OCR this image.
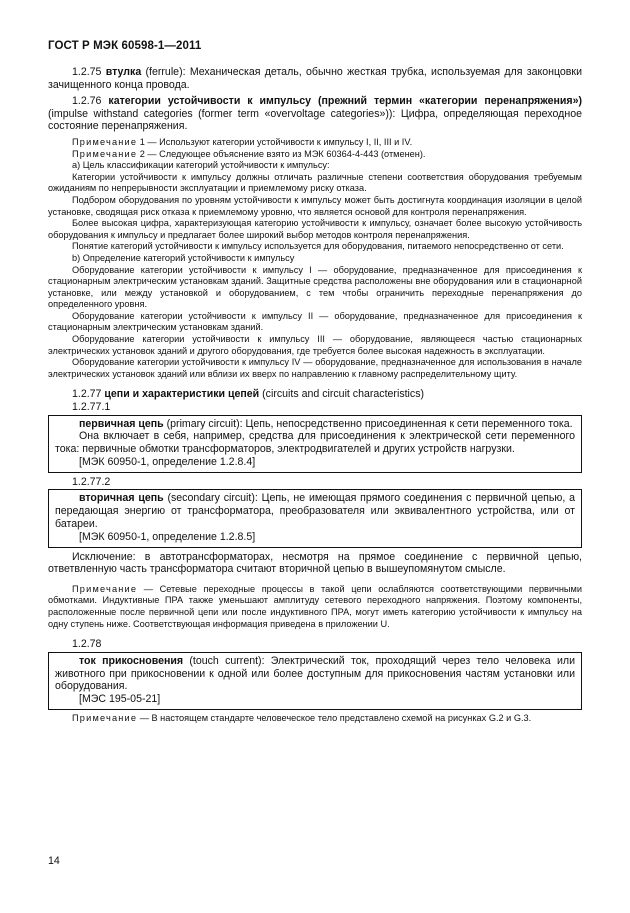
ГОСТ Р МЭК 60598-1—2011

1.2.75 втулка (ferrule): Механическая деталь, обычно жесткая трубка, используемая для законцовки зачищенного конца провода.

1.2.76 категории устойчивости к импульсу (прежний термин «категории перенапряжения») (impulse withstand categories (former term «overvoltage categories»)): Цифра, определяющая переходное состояние перенапряжения.

Примечание 1 — Используют категории устойчивости к импульсу I, II, III и IV.

Примечание 2 — Следующее объяснение взято из МЭК 60364-4-443 (отменен).

a) Цель классификации категорий устойчивости к импульсу:

Категории устойчивости к импульсу должны отличать различные степени соответствия оборудования требуемым ожиданиям по непрерывности эксплуатации и приемлемому риску отказа.

Подбором оборудования по уровням устойчивости к импульсу может быть достигнута координация изоляции в целой установке, сводящая риск отказа к приемлемому уровню, что является основой для контроля перенапряжения.

Более высокая цифра, характеризующая категорию устойчивости к импульсу, означает более высокую устойчивость оборудования к импульсу и предлагает более широкий выбор методов контроля перенапряжения.

Понятие категорий устойчивости к импульсу используется для оборудования, питаемого непосредственно от сети.

b) Определение категорий устойчивости к импульсу

Оборудование категории устойчивости к импульсу I — оборудование, предназначенное для присоединения к стационарным электрическим установкам зданий. Защитные средства расположены вне оборудования или в стационарной установке, или между установкой и оборудованием, с тем чтобы ограничить переходные перенапряжения до определенного уровня.

Оборудование категории устойчивости к импульсу II — оборудование, предназначенное для присоединения к стационарным электрическим установкам зданий.

Оборудование категории устойчивости к импульсу III — оборудование, являющееся частью стационарных электрических установок зданий и другого оборудования, где требуется более высокая надежность в эксплуатации.

Оборудование категории устойчивости к импульсу IV — оборудование, предназначенное для использования в начале электрических установок зданий или вблизи их вверх по направлению к главному распределительному щиту.

1.2.77 цепи и характеристики цепей (circuits and circuit characteristics)

1.2.77.1

первичная цепь (primary circuit): Цепь, непосредственно присоединенная к сети переменного тока.

Она включает в себя, например, средства для присоединения к электрической сети переменного тока: первичные обмотки трансформаторов, электродвигателей и других устройств нагрузки.

[МЭК 60950-1, определение 1.2.8.4]

1.2.77.2

вторичная цепь (secondary circuit): Цепь, не имеющая прямого соединения с первичной цепью, а передающая энергию от трансформатора, преобразователя или эквивалентного устройства, или от батареи.

[МЭК 60950-1, определение 1.2.8.5]

Исключение: в автотрансформаторах, несмотря на прямое соединение с первичной цепью, ответвленную часть трансформатора считают вторичной цепью в вышеупомянутом смысле.

Примечание — Сетевые переходные процессы в такой цепи ослабляются соответствующими первичными обмотками. Индуктивные ПРА также уменьшают амплитуду сетевого переходного напряжения. Поэтому компоненты, расположенные после первичной цепи или после индуктивного ПРА, могут иметь категорию устойчивости к импульсу на одну ступень ниже. Соответствующая информация приведена в приложении U.

1.2.78

ток прикосновения (touch current): Электрический ток, проходящий через тело человека или животного при прикосновении к одной или более доступным для прикосновения частям установки или оборудования.

[МЭС 195-05-21]

Примечание — В настоящем стандарте человеческое тело представлено схемой на рисунках G.2 и G.3.

14
